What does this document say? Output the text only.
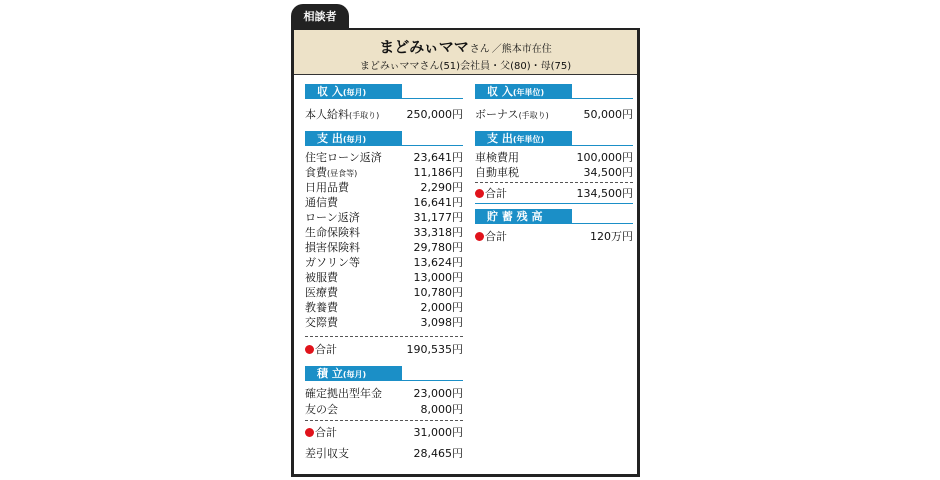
相談者
まどみぃママさん ／熊本市在住
まどみぃママさん(51)会社員・父(80)・母(75)
収 入(毎月)
本人給料(手取り) 250,000円
支 出(毎月)
住宅ローン返済	23,641円
食費(昼食等)	11,186円
日用品費	2,290円
通信費	16,641円
ローン返済	31,177円
生命保険料	33,318円
損害保険料	29,780円
ガソリン等	13,624円
被服費	13,000円
医療費	10,780円
教養費	2,000円
交際費	3,098円
合計	190,535円
積 立(毎月)
確定拠出型年金	23,000円
友の会	8,000円
合計	31,000円
差引収支	28,465円
収 入(年単位)
ボーナス(手取り)	50,000円
支 出(年単位)
車検費用	100,000円
自動車税	34,500円
合計	134,500円
貯 蓄 残 高
合計	120万円
